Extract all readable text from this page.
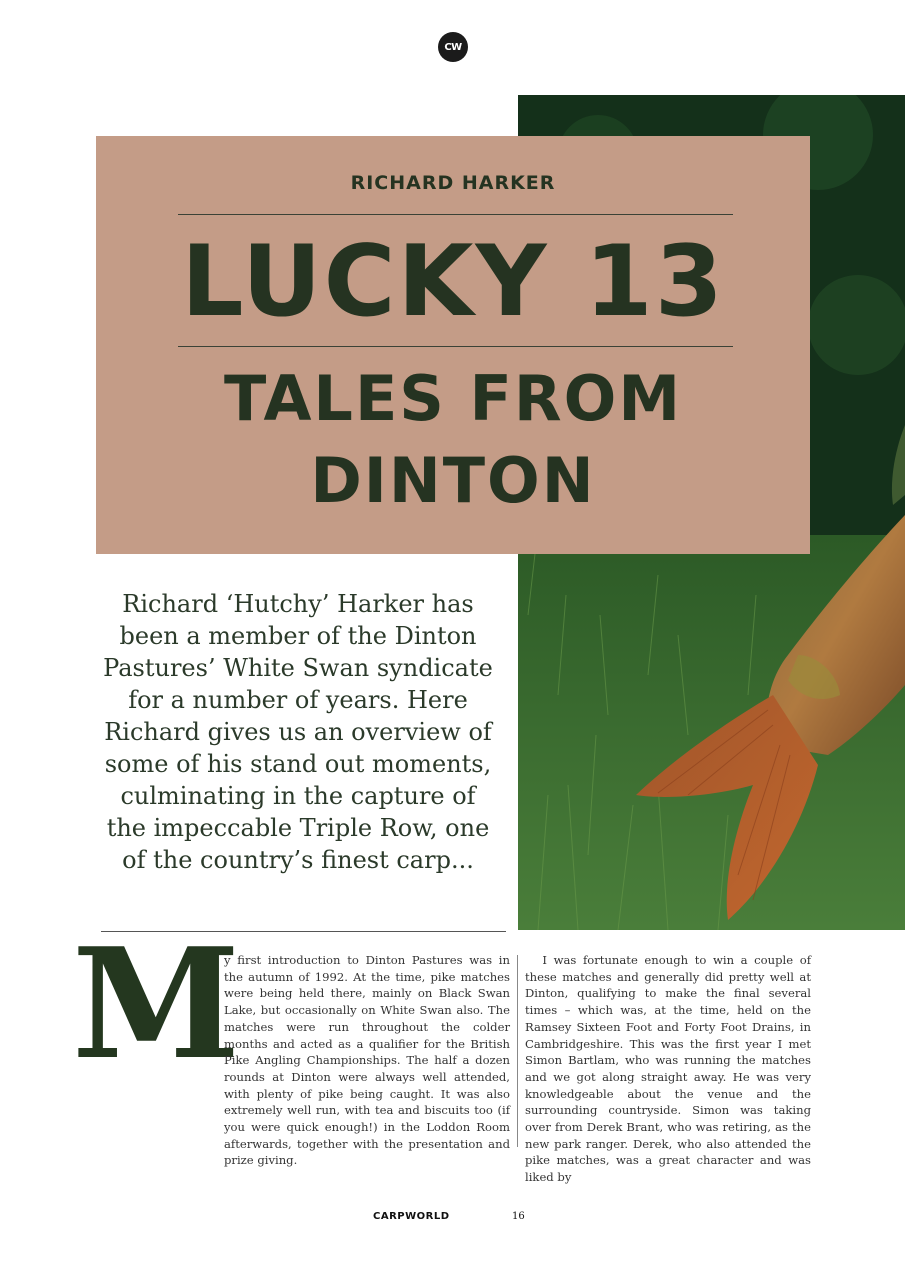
CW
RICHARD HARKER
LUCKY 13
TALES FROM
DINTON
Richard ‘Hutchy’ Harker has been a member of the Dinton Pastures’ White Swan syndicate for a number of years. Here Richard gives us an overview of some of his stand out moments, culminating in the capture of the impeccable Triple Row, one of the country’s finest carp...
M
y first introduction to Dinton Pastures was in the autumn of 1992. At the time, pike matches were being held there, mainly on Black Swan Lake, but occasionally on White Swan also. The matches were run throughout the colder months and acted as a qualifier for the British Pike Angling Championships. The half a dozen rounds at Dinton were always well attended, with plenty of pike being caught. It was also extremely well run, with tea and biscuits too (if you were quick enough!) in the Loddon Room afterwards, together with the presentation and prize giving.
I was fortunate enough to win a couple of these matches and generally did pretty well at Dinton, qualifying to make the final several times – which was, at the time, held on the Ramsey Sixteen Foot and Forty Foot Drains, in Cambridgeshire. This was the first year I met Simon Bartlam, who was running the matches and we got along straight away. He was very knowledgeable about the venue and the surrounding countryside. Simon was taking over from Derek Brant, who was retiring, as the new park ranger. Derek, who also attended the pike matches, was a great character and was liked by
CARPWORLD	16
